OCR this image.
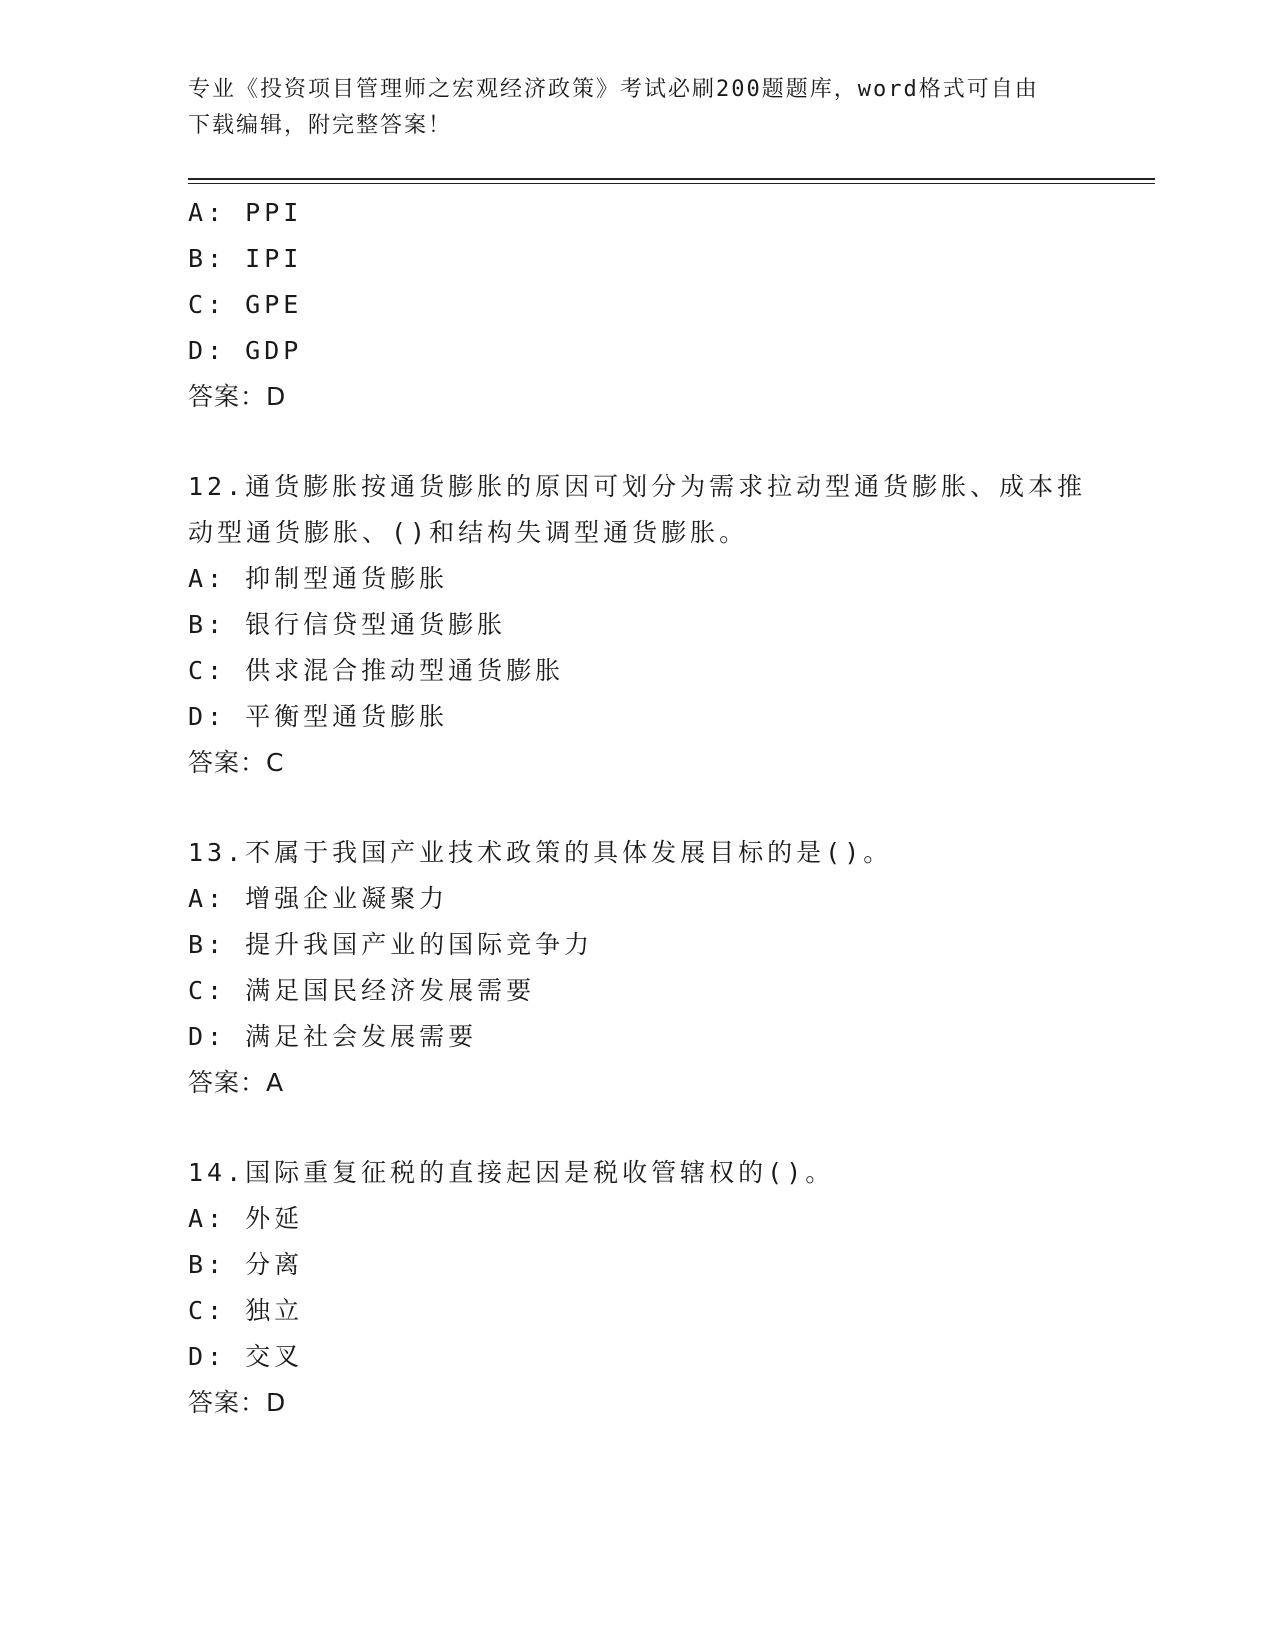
专业《投资项目管理师之宏观经济政策》考试必刷200题题库，word格式可自由
下载编辑，附完整答案！
A: PPI
B: IPI
C: GPE
D: GDP
答案：D
12.通货膨胀按通货膨胀的原因可划分为需求拉动型通货膨胀、成本推
动型通货膨胀、()和结构失调型通货膨胀。
A: 抑制型通货膨胀
B: 银行信贷型通货膨胀
C: 供求混合推动型通货膨胀
D: 平衡型通货膨胀
答案：C
13.不属于我国产业技术政策的具体发展目标的是()。
A: 增强企业凝聚力
B: 提升我国产业的国际竞争力
C: 满足国民经济发展需要
D: 满足社会发展需要
答案：A
14.国际重复征税的直接起因是税收管辖权的()。
A: 外延
B: 分离
C: 独立
D: 交叉
答案：D
